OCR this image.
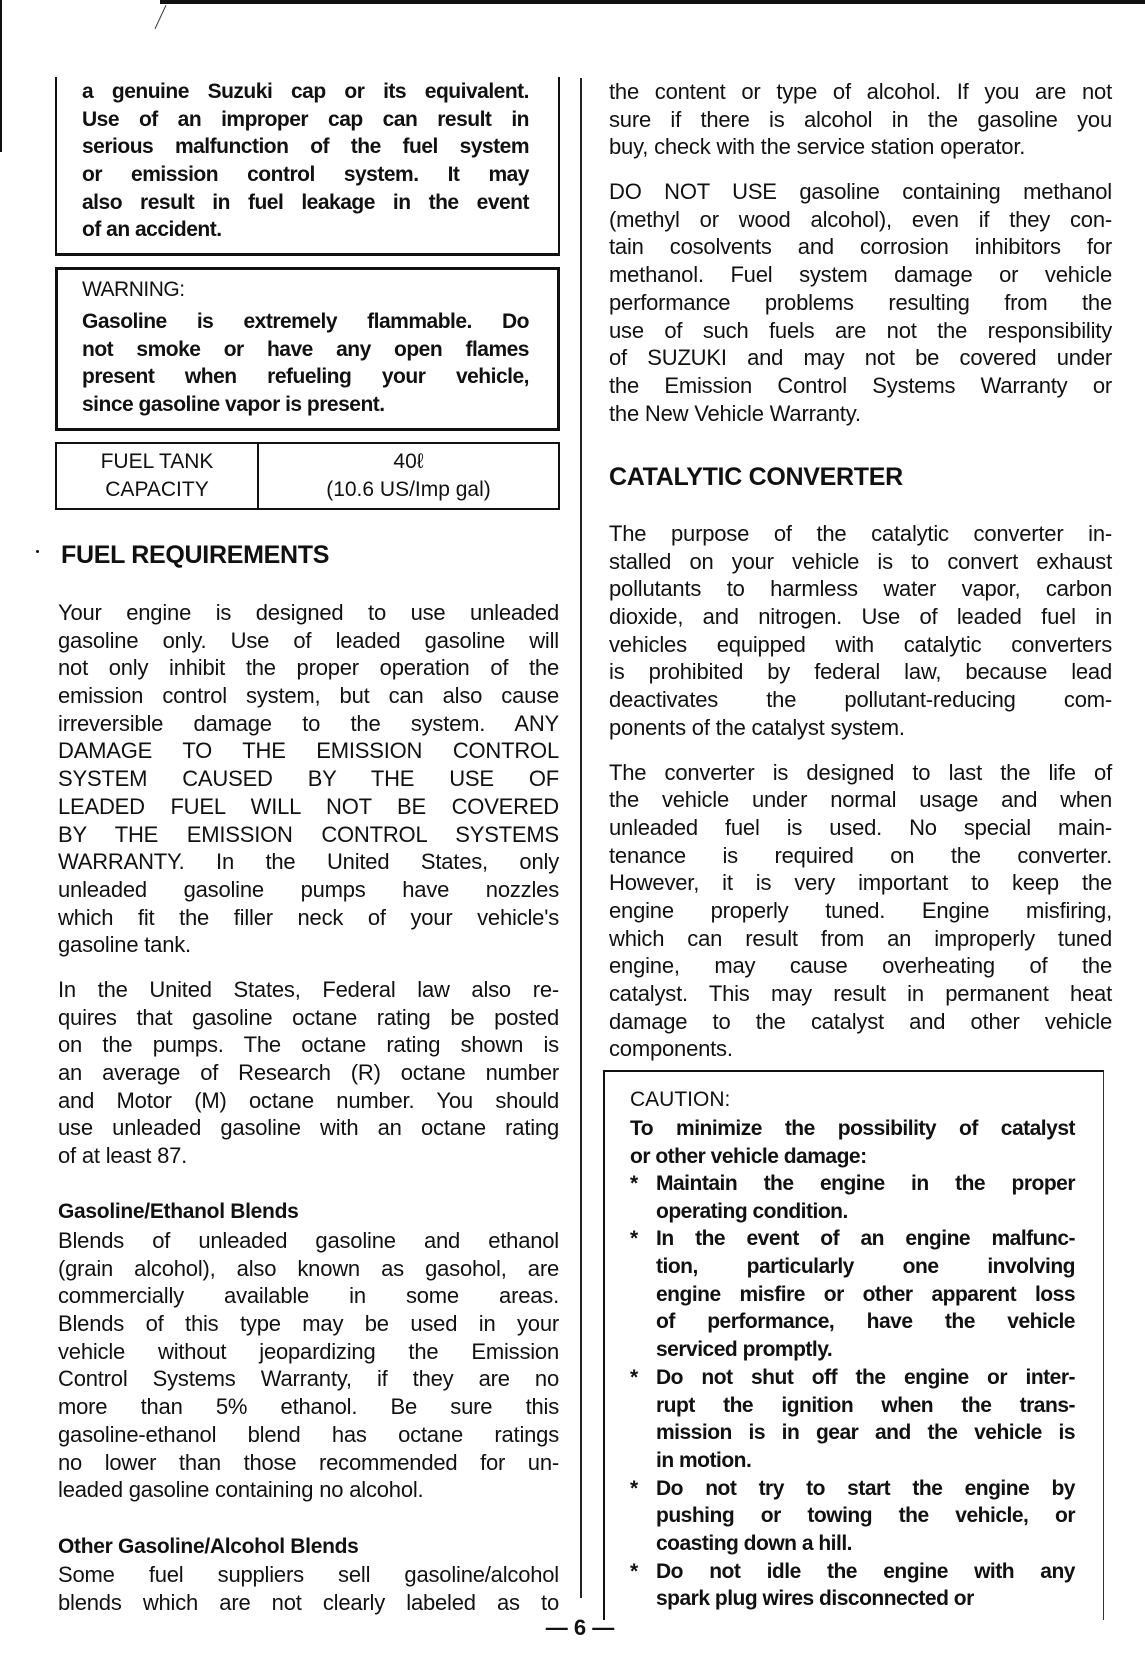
a genuine Suzuki cap or its equivalent.
Use of an improper cap can result in
serious malfunction of the fuel system
or emission control system. It may
also result in fuel leakage in the event
of an accident.
WARNING:
Gasoline is extremely flammable. Do
not smoke or have any open flames
present when refueling your vehicle,
since gasoline vapor is present.
FUEL TANK
CAPACITY
40ℓ
(10.6 US/Imp gal)
FUEL REQUIREMENTS
Your engine is designed to use unleaded
gasoline only. Use of leaded gasoline will
not only inhibit the proper operation of the
emission control system, but can also cause
irreversible damage to the system. ANY
DAMAGE TO THE EMISSION CONTROL
SYSTEM CAUSED BY THE USE OF
LEADED FUEL WILL NOT BE COVERED
BY THE EMISSION CONTROL SYSTEMS
WARRANTY. In the United States, only
unleaded gasoline pumps have nozzles
which fit the filler neck of your vehicle's
gasoline tank.
In the United States, Federal law also re-
quires that gasoline octane rating be posted
on the pumps. The octane rating shown is
an average of Research (R) octane number
and Motor (M) octane number. You should
use unleaded gasoline with an octane rating
of at least 87.
Gasoline/Ethanol Blends
Blends of unleaded gasoline and ethanol
(grain alcohol), also known as gasohol, are
commercially available in some areas.
Blends of this type may be used in your
vehicle without jeopardizing the Emission
Control Systems Warranty, if they are no
more than 5% ethanol. Be sure this
gasoline-ethanol blend has octane ratings
no lower than those recommended for un-
leaded gasoline containing no alcohol.
Other Gasoline/Alcohol Blends
Some fuel suppliers sell gasoline/alcohol
blends which are not clearly labeled as to
— 6 —
the content or type of alcohol. If you are not
sure if there is alcohol in the gasoline you
buy, check with the service station operator.
DO NOT USE gasoline containing methanol
(methyl or wood alcohol), even if they con-
tain cosolvents and corrosion inhibitors for
methanol. Fuel system damage or vehicle
performance problems resulting from the
use of such fuels are not the responsibility
of SUZUKI and may not be covered under
the Emission Control Systems Warranty or
the New Vehicle Warranty.
CATALYTIC CONVERTER
The purpose of the catalytic converter in-
stalled on your vehicle is to convert exhaust
pollutants to harmless water vapor, carbon
dioxide, and nitrogen. Use of leaded fuel in
vehicles equipped with catalytic converters
is prohibited by federal law, because lead
deactivates the pollutant-reducing com-
ponents of the catalyst system.
The converter is designed to last the life of
the vehicle under normal usage and when
unleaded fuel is used. No special main-
tenance is required on the converter.
However, it is very important to keep the
engine properly tuned. Engine misfiring,
which can result from an improperly tuned
engine, may cause overheating of the
catalyst. This may result in permanent heat
damage to the catalyst and other vehicle
components.
CAUTION:
To minimize the possibility of catalyst
or other vehicle damage:
* Maintain the engine in the proper
operating condition.
* In the event of an engine malfunc-
tion, particularly one involving
engine misfire or other apparent loss
of performance, have the vehicle
serviced promptly.
* Do not shut off the engine or inter-
rupt the ignition when the trans-
mission is in gear and the vehicle is
in motion.
* Do not try to start the engine by
pushing or towing the vehicle, or
coasting down a hill.
* Do not idle the engine with any
spark plug wires disconnected or
